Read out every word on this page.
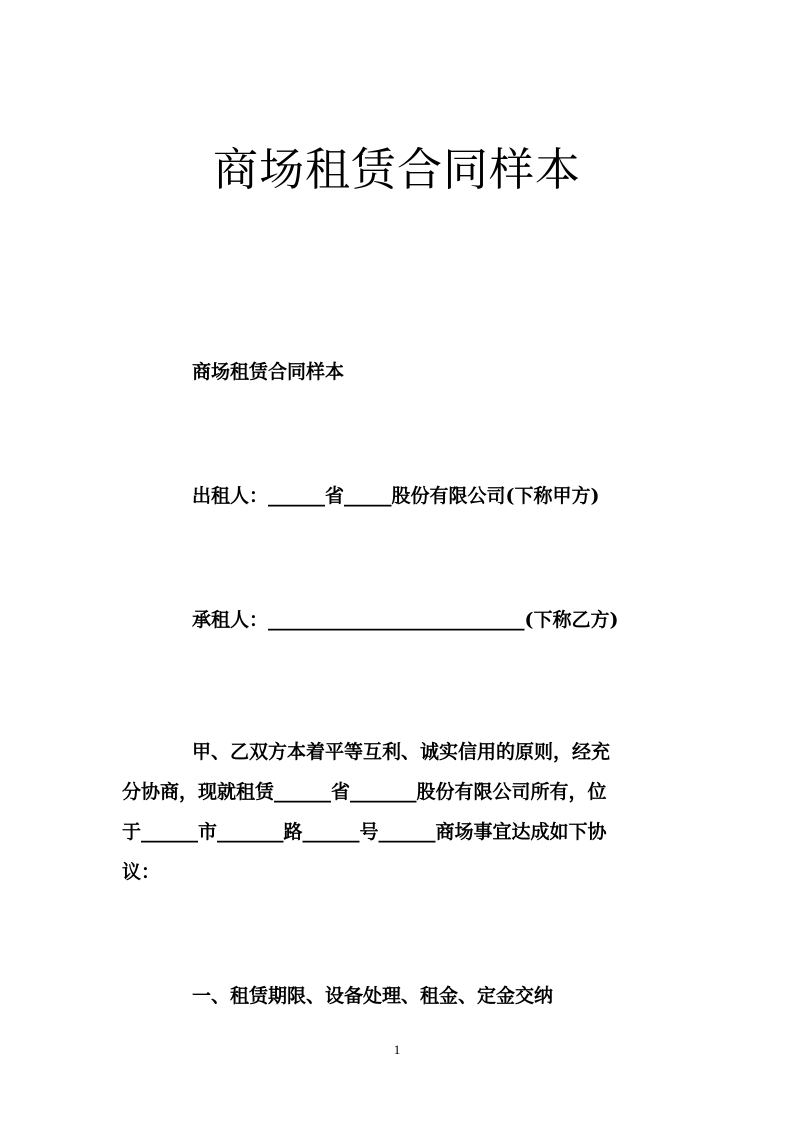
商场租赁合同样本
商场租赁合同样本
出租人：______省_____股份有限公司(下称甲方)
承租人：___________________________(下称乙方)
甲、乙双方本着平等互利、诚实信用的原则，经充
分协商，现就租赁______省_______股份有限公司所有，位
于______市_______路______号______商场事宜达成如下协
议：
一、租赁期限、设备处理、租金、定金交纳
1
